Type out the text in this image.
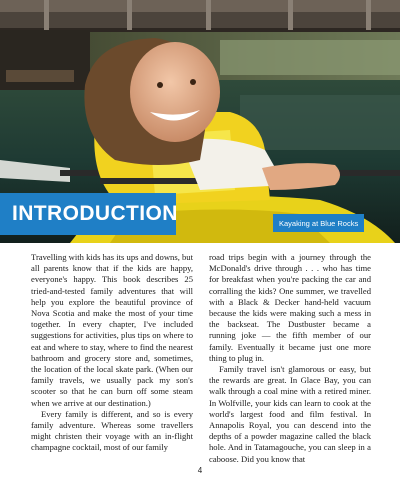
INTRODUCTION	Kayaking at Blue Rocks

Travelling with kids has its ups and downs, but all parents know that if the kids are happy, everyone's happy. This book describes 25 tried-and-tested family adventures that will help you explore the beautiful province of Nova Scotia and make the most of your time together. In every chapter, I've included suggestions for activities, plus tips on where to eat and where to stay, where to find the nearest bathroom and grocery store and, sometimes, the location of the local skate park. (When our family travels, we usually pack my son's scooter so that he can burn off some steam when we arrive at our destination.)

Every family is different, and so is every family adventure. Whereas some travellers might christen their voyage with an in-flight champagne cocktail, most of our family

road trips begin with a journey through the McDonald's drive through . . . who has time for breakfast when you're packing the car and corralling the kids? One summer, we travelled with a Black & Decker hand-held vacuum because the kids were making such a mess in the backseat. The Dustbuster became a running joke — the fifth member of our family. Eventually it became just one more thing to plug in.

Family travel isn't glamorous or easy, but the rewards are great. In Glace Bay, you can walk through a coal mine with a retired miner. In Wolfville, your kids can learn to cook at the world's largest food and film festival. In Annapolis Royal, you can descend into the depths of a powder magazine called the black hole. And in Tatamagouche, you can sleep in a caboose. Did you know that

4
